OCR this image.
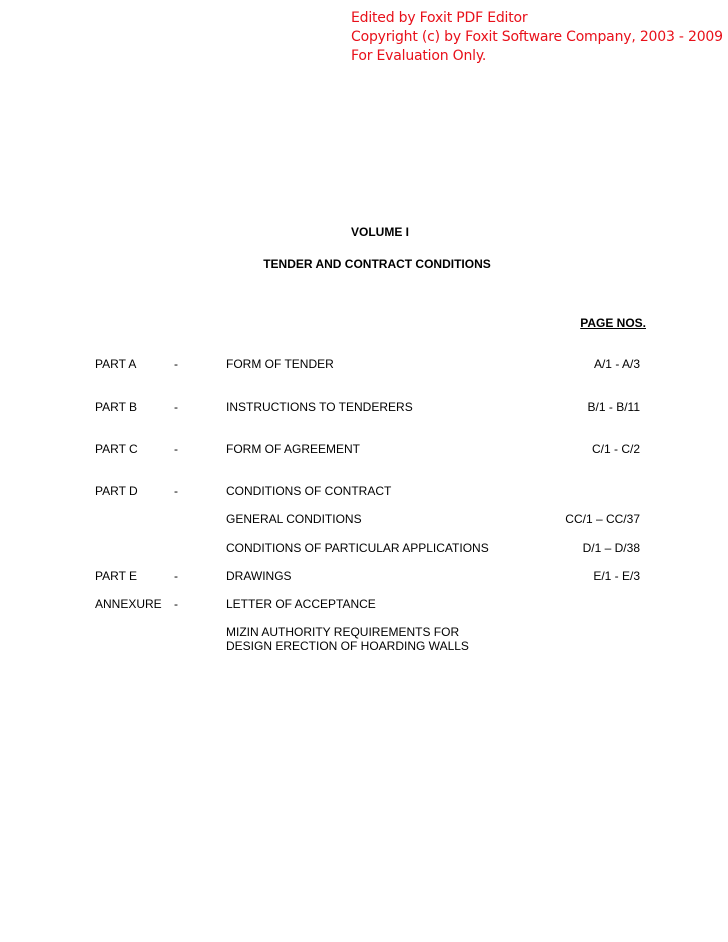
Edited by Foxit PDF Editor
Copyright (c) by Foxit Software Company, 2003 - 2009
For Evaluation Only.
VOLUME I
TENDER AND CONTRACT CONDITIONS
PAGE NOS.
PART A	-	FORM OF TENDER	A/1 - A/3
PART B	-	INSTRUCTIONS TO TENDERERS	B/1 - B/11
PART C	-	FORM OF AGREEMENT	C/1 - C/2
PART D	-	CONDITIONS OF CONTRACT
GENERAL CONDITIONS	CC/1 – CC/37
CONDITIONS OF PARTICULAR APPLICATIONS	D/1 – D/38
PART E	-	DRAWINGS	E/1 - E/3
ANNEXURE -	LETTER OF ACCEPTANCE
MIZIN AUTHORITY REQUIREMENTS FOR
DESIGN ERECTION OF HOARDING WALLS
